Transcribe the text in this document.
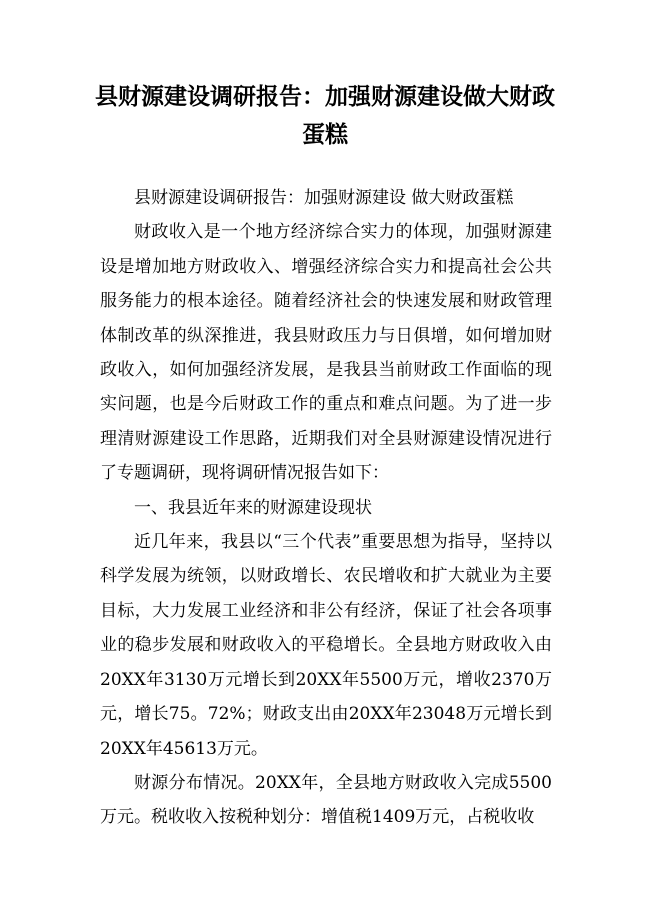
县财源建设调研报告：加强财源建设做大财政蛋糕

县财源建设调研报告：加强财源建设 做大财政蛋糕

财政收入是一个地方经济综合实力的体现，加强财源建设是增加地方财政收入、增强经济综合实力和提高社会公共服务能力的根本途径。随着经济社会的快速发展和财政管理体制改革的纵深推进，我县财政压力与日俱增，如何增加财政收入，如何加强经济发展，是我县当前财政工作面临的现实问题，也是今后财政工作的重点和难点问题。为了进一步理清财源建设工作思路，近期我们对全县财源建设情况进行了专题调研，现将调研情况报告如下：

一、我县近年来的财源建设现状

近几年来，我县以“三个代表”重要思想为指导，坚持以科学发展为统领，以财政增长、农民增收和扩大就业为主要目标，大力发展工业经济和非公有经济，保证了社会各项事业的稳步发展和财政收入的平稳增长。全县地方财政收入由20XX年3130万元增长到20XX年5500万元，增收2370万元，增长75。72%；财政支出由20XX年23048万元增长到20XX年45613万元。

财源分布情况。20XX年，全县地方财政收入完成5500万元。税收收入按税种划分：增值税1409万元，占税收收
